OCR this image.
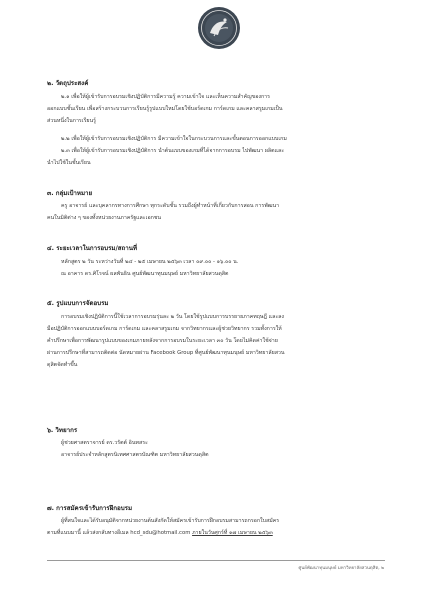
๒. วัตถุประสงค์
๒.๑ เพื่อให้ผู้เข้ารับการอบรมเชิงปฏิบัติการมีความรู้ ความเข้าใจ และเห็นความสำคัญของการ
ออกแบบชั้นเรียน เพื่อสร้างกระบวนการเรียนรู้รูปแบบใหม่โดยใช้บอร์ดเกม การ์ดเกม และคลาสรูมเกมเป็น
ส่วนหนึ่งในการเรียนรู้
๒.๒ เพื่อให้ผู้เข้ารับการอบรมเชิงปฏิบัติการ มีความเข้าใจในกระบวนการและขั้นตอนการออกแบบเกม
๒.๓ เพื่อให้ผู้เข้ารับการอบรมเชิงปฏิบัติการ นำต้นแบบของเกมที่ได้จากการอบรม ไปพัฒนา ผลิตและ
นำไปใช้ในชั้นเรียน
๓. กลุ่มเป้าหมาย
ครู อาจารย์ และบุคลากรทางการศึกษา ทุกระดับชั้น รวมถึงผู้ทำหน้าที่เกี่ยวกับการสอน การพัฒนา
คนในมิติต่าง ๆ ของทั้งหน่วยงานภาครัฐและเอกชน
๔. ระยะเวลาในการอบรม/สถานที่
หลักสูตร ๒ วัน ระหว่างวันที่ ๒๔ - ๒๕ เมษายน ๒๕๖๓ เวลา ๐๙.๐๐ - ๑๖.๐๐ น.
ณ อาคาร ดร.ศิโรจน์ ผลพันธิน ศูนย์พัฒนาทุนมนุษย์ มหาวิทยาลัยสวนดุสิต
๕. รูปแบบการจัดอบรม
การอบรมเชิงปฏิบัติการนี้ใช้เวลาการอบรมรุ่นละ ๒ วัน โดยใช้รูปแบบการบรรยายภาคทฤษฎี และลง
มือปฏิบัติการออกแบบบอร์ดเกม การ์ดเกม และคลาสรูมเกม จากวิทยากรและผู้ช่วยวิทยากร รวมทั้งการให้
คำปรึกษาเพื่อการพัฒนารูปแบบของเกมภายหลังจากการอบรมในระยะเวลา ๓๐ วัน โดยไม่คิดค่าใช้จ่าย
ผ่านการปรึกษาที่สามารถติดต่อ นัดหมายผ่าน Facebook Group ที่ศูนย์พัฒนาทุนมนุษย์ มหาวิทยาลัยสวน
ดุสิตจัดทำขึ้น
๖. วิทยากร
ผู้ช่วยศาสตราจารย์ ดร.วรัตต์ อินทสระ
อาจารย์ประจำหลักสูตรนิเทศศาสตรบัณฑิต มหาวิทยาลัยสวนดุสิต
๗. การสมัครเข้ารับการฝึกอบรม
ผู้ที่สนใจและได้รับอนุมัติจากหน่วยงานต้นสังกัดให้สมัครเข้ารับการฝึกอบรมสามารถกรอกใบสมัคร
ตามที่แนบมานี้ แล้วส่งกลับทางอีเมล hcd_sdu@hotmail.com ภายในวันศุกร์ที่ ๑๗ เมษายน ๒๕๖๓
ศูนย์พัฒนาทุนมนุษย์ มหาวิทยาลัยสวนดุสิต, ๒
